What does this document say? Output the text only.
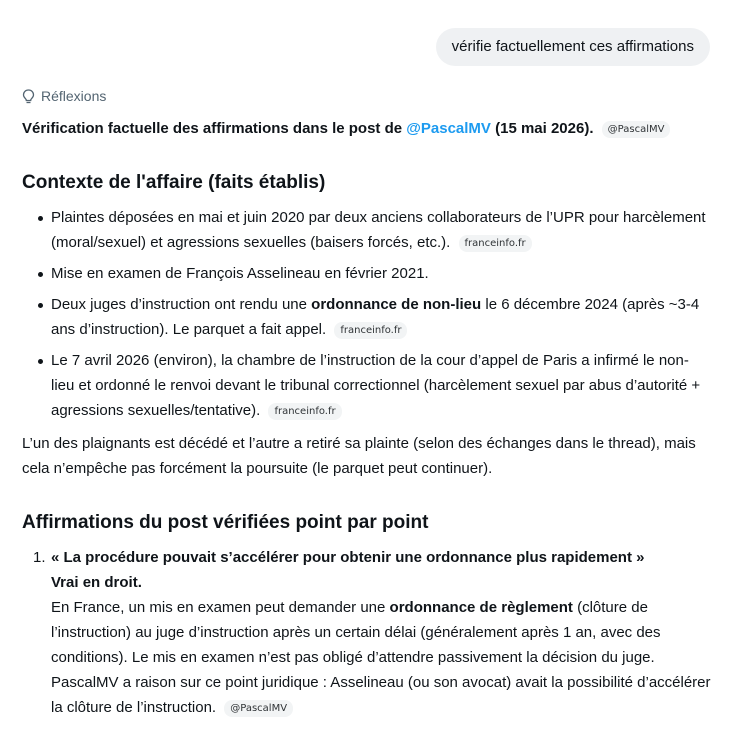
vérifie factuellement ces affirmations
Réflexions

Vérification factuelle des affirmations dans le post de @PascalMV (15 mai 2026). @PascalMV

Contexte de l'affaire (faits établis)
Plaintes déposées en mai et juin 2020 par deux anciens collaborateurs de l’UPR pour harcèlement (moral/sexuel) et agressions sexuelles (baisers forcés, etc.). franceinfo.fr
Mise en examen de François Asselineau en février 2021.
Deux juges d’instruction ont rendu une ordonnance de non-lieu le 6 décembre 2024 (après ~3-4 ans d’instruction). Le parquet a fait appel. franceinfo.fr
Le 7 avril 2026 (environ), la chambre de l’instruction de la cour d’appel de Paris a infirmé le non-lieu et ordonné le renvoi devant le tribunal correctionnel (harcèlement sexuel par abus d’autorité + agressions sexuelles/tentative). franceinfo.fr

L’un des plaignants est décédé et l’autre a retiré sa plainte (selon des échanges dans le thread), mais cela n’empêche pas forcément la poursuite (le parquet peut continuer).

Affirmations du post vérifiées point par point
1. « La procédure pouvait s’accélérer pour obtenir une ordonnance plus rapidement »
Vrai en droit.
En France, un mis en examen peut demander une ordonnance de règlement (clôture de l’instruction) au juge d’instruction après un certain délai (généralement après 1 an, avec des conditions). Le mis en examen n’est pas obligé d’attendre passivement la décision du juge. PascalMV a raison sur ce point juridique : Asselineau (ou son avocat) avait la possibilité d’accélérer la clôture de l’instruction. @PascalMV
